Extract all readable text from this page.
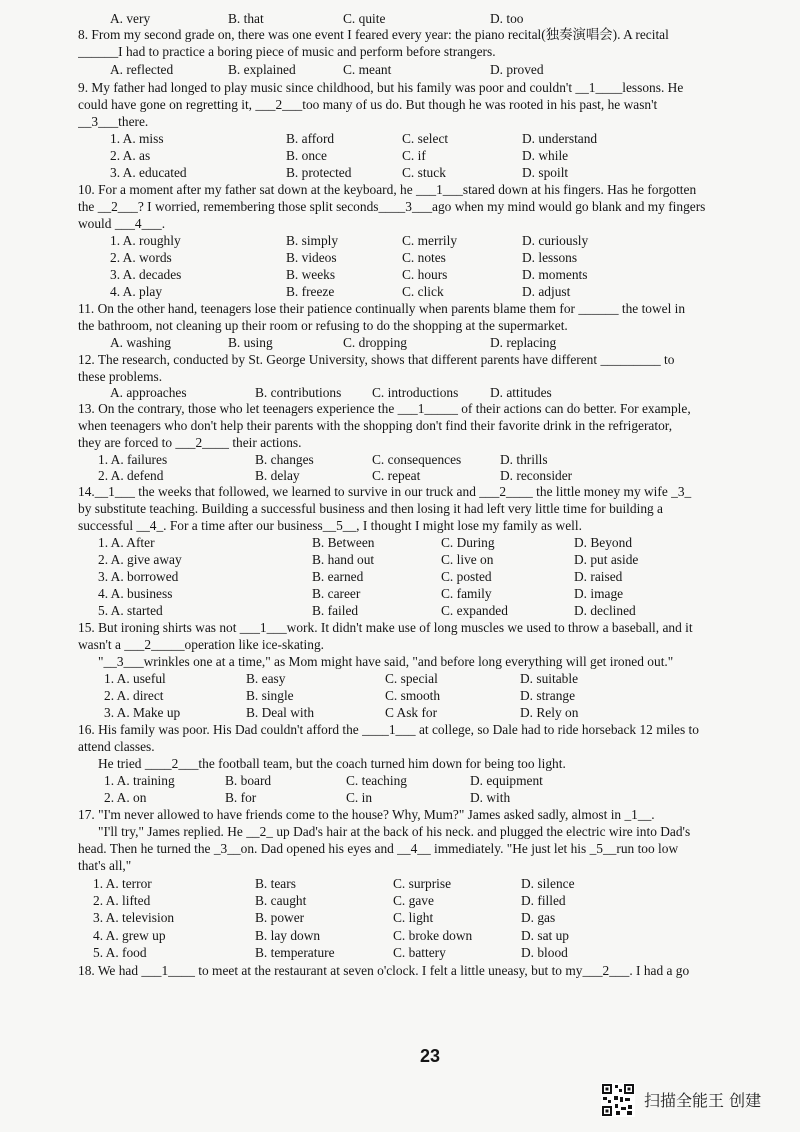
A. very	B. that	C. quite	D. too
8. From my second grade on, there was one event I feared every year: the piano recital(独奏演唱会). A recital
______I had to practice a boring piece of music and perform before strangers.
A. reflected	B. explained	C. meant	D. proved
9. My father had longed to play music since childhood, but his family was poor and couldn't __1____lessons. He
could have gone on regretting it, ___2___too many of us do. But though he was rooted in his past, he wasn't
__3___there.
1. A. miss	B. afford	C. select	D. understand
2. A. as	B. once	C. if	D. while
3. A. educated	B. protected	C. stuck	D. spoilt
10. For a moment after my father sat down at the keyboard, he ___1___stared down at his fingers. Has he forgotten
the __2___? I worried, remembering those split seconds____3___ago when my mind would go blank and my fingers
would ___4___.
1. A. roughly	B. simply	C. merrily	D. curiously
2. A. words	B. videos	C. notes	D. lessons
3. A. decades	B. weeks	C. hours	D. moments
4. A. play	B. freeze	C. click	D. adjust
11. On the other hand, teenagers lose their patience continually when parents blame them for ______ the towel in
the bathroom, not cleaning up their room or refusing to do the shopping at the supermarket.
A. washing	B. using	C. dropping	D. replacing
12. The research, conducted by St. George University, shows that different parents have different _________ to
these problems.
A. approaches	B. contributions	C. introductions	D. attitudes
13. On the contrary, those who let teenagers experience the ___1_____ of their actions can do better. For example,
when teenagers who don't help their parents with the shopping don't find their favorite drink in the refrigerator,
they are forced to ___2____ their actions.
1. A. failures	B. changes	C. consequences	D. thrills
2. A. defend	B. delay	C. repeat	D. reconsider
14.__1___ the weeks that followed, we learned to survive in our truck and ___2____ the little money my wife _3_
by substitute teaching. Building a successful business and then losing it had left very little time for building a
successful __4_. For a time after our business__5__, I thought I might lose my family as well.
1. A. After	B. Between	C. During	D. Beyond
2. A. give away	B. hand out	C. live on	D. put aside
3. A. borrowed	B. earned	C. posted	D. raised
4. A. business	B. career	C. family	D. image
5. A. started	B. failed	C. expanded	D. declined
15. But ironing shirts was not ___1___work. It didn't make use of long muscles we used to throw a baseball, and it
wasn't a ___2_____operation like ice-skating.
"__3___wrinkles one at a time," as Mom might have said, "and before long everything will get ironed out."
1. A. useful	B. easy	C. special	D. suitable
2. A. direct	B. single	C. smooth	D. strange
3. A. Make up	B. Deal with	C Ask for	D. Rely on
16. His family was poor. His Dad couldn't afford the ____1___ at college, so Dale had to ride horseback 12 miles to
attend classes.
He tried ____2___the football team, but the coach turned him down for being too light.
1. A. training	B. board	C. teaching	D. equipment
2. A. on	B. for	C. in	D. with
17. "I'm never allowed to have friends come to the house? Why, Mum?" James asked sadly, almost in _1__.
"I'll try," James replied. He __2_ up Dad's hair at the back of his neck. and plugged the electric wire into Dad's
head. Then he turned the _3__on. Dad opened his eyes and __4__ immediately. "He just let his _5__run too low
that's all,"
1. A. terror	B. tears	C. surprise	D. silence
2. A. lifted	B. caught	C. gave	D. filled
3. A. television	B. power	C. light	D. gas
4. A. grew up	B. lay down	C. broke down	D. sat up
5. A. food	B. temperature	C. battery	D. blood
18. We had ___1____ to meet at the restaurant at seven o'clock. I felt a little uneasy, but to my___2___. I had a go
23
扫描全能王 创建
